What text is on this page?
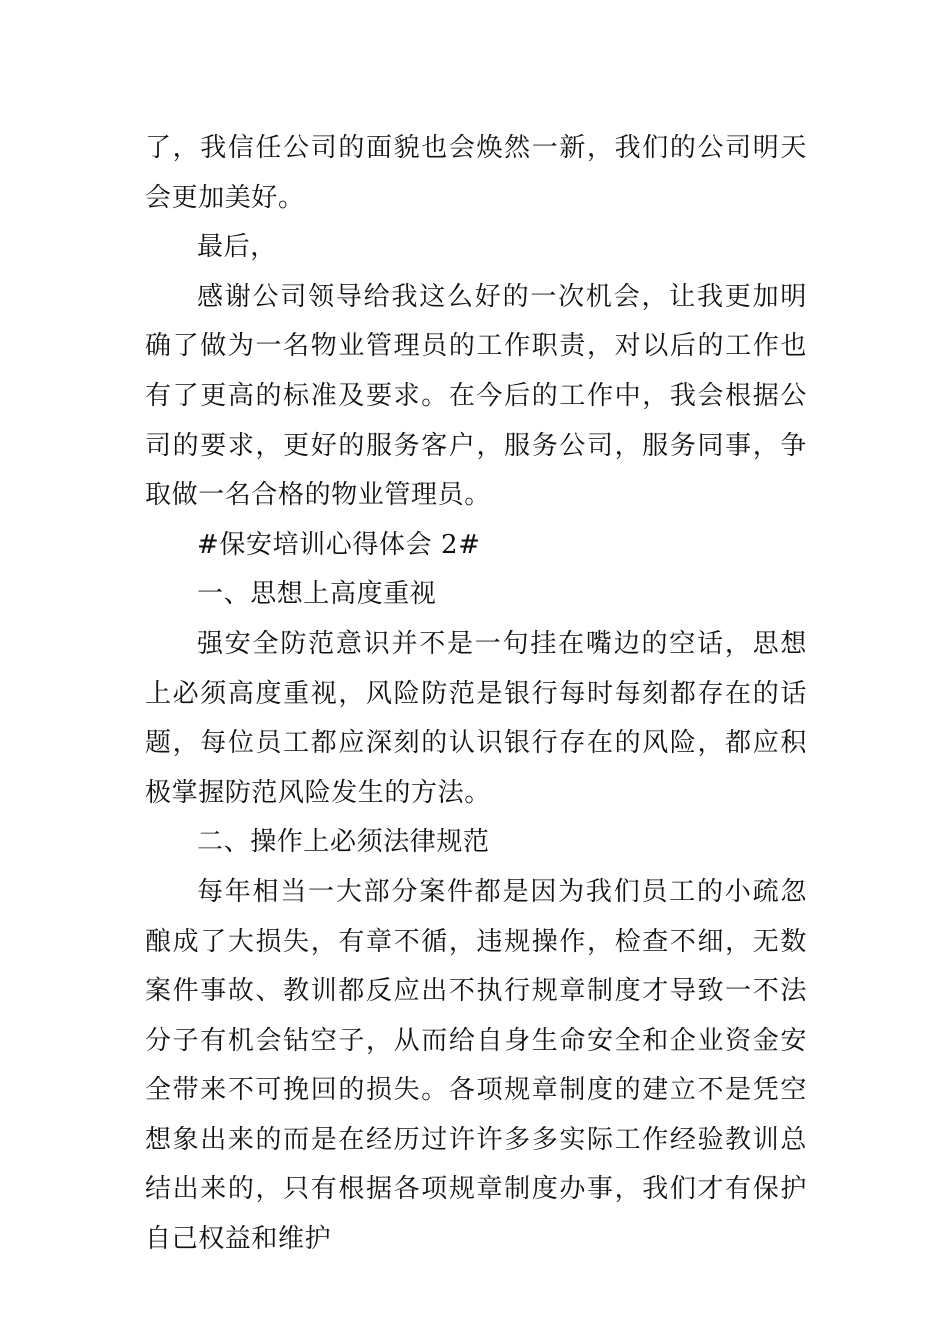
了，我信任公司的面貌也会焕然一新，我们的公司明天会更加美好。

最后，

感谢公司领导给我这么好的一次机会，让我更加明确了做为一名物业管理员的工作职责，对以后的工作也有了更高的标准及要求。在今后的工作中，我会根据公司的要求，更好的服务客户，服务公司，服务同事，争取做一名合格的物业管理员。

#保安培训心得体会 2#

一、思想上高度重视

强安全防范意识并不是一句挂在嘴边的空话，思想上必须高度重视，风险防范是银行每时每刻都存在的话题，每位员工都应深刻的认识银行存在的风险，都应积极掌握防范风险发生的方法。

二、操作上必须法律规范

每年相当一大部分案件都是因为我们员工的小疏忽酿成了大损失，有章不循，违规操作，检查不细，无数案件事故、教训都反应出不执行规章制度才导致一不法分子有机会钻空子，从而给自身生命安全和企业资金安全带来不可挽回的损失。各项规章制度的建立不是凭空想象出来的而是在经历过许许多多实际工作经验教训总结出来的，只有根据各项规章制度办事，我们才有保护自己权益和维护
